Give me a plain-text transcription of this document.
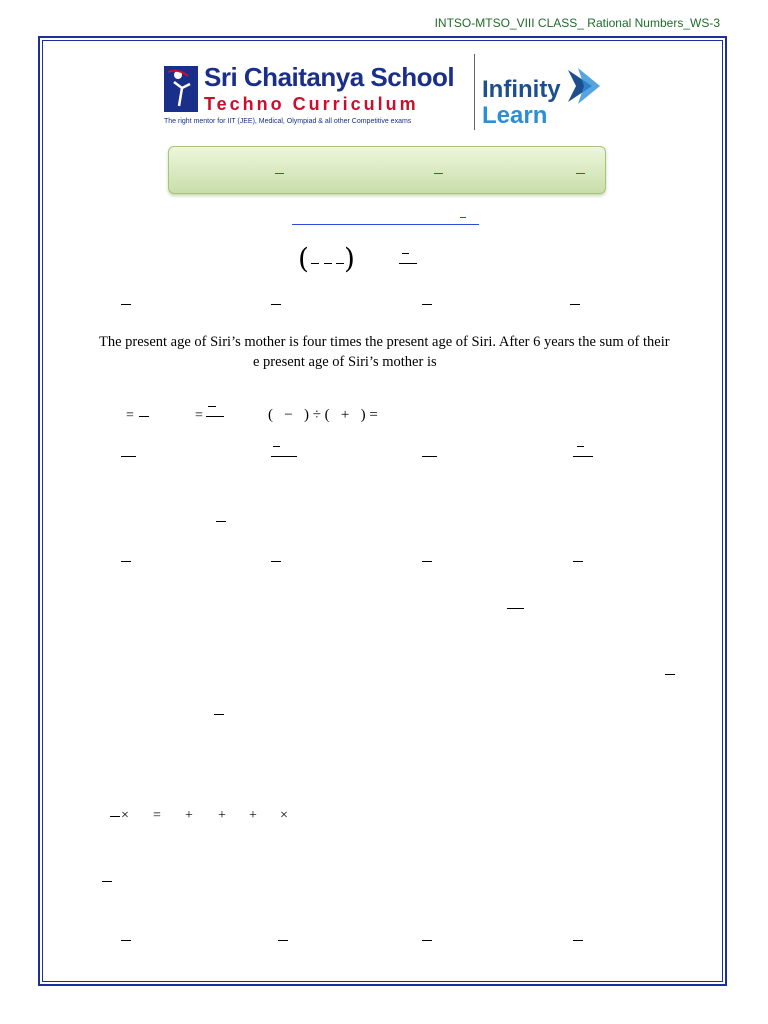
INTSO-MTSO_VIII CLASS_ Rational Numbers_WS-3
Sri Chaitanya School
Techno Curriculum
The right mentor for IIT (JEE), Medical, Olympiad & all other Competitive exams
Infinity
Learn
( )
The present age of Siri’s mother is four times the present age of Siri. After 6 years the sum of their
e present age of Siri’s mother is
=	=	(   −   ) ÷ (   +   ) =
× = + + + ×
